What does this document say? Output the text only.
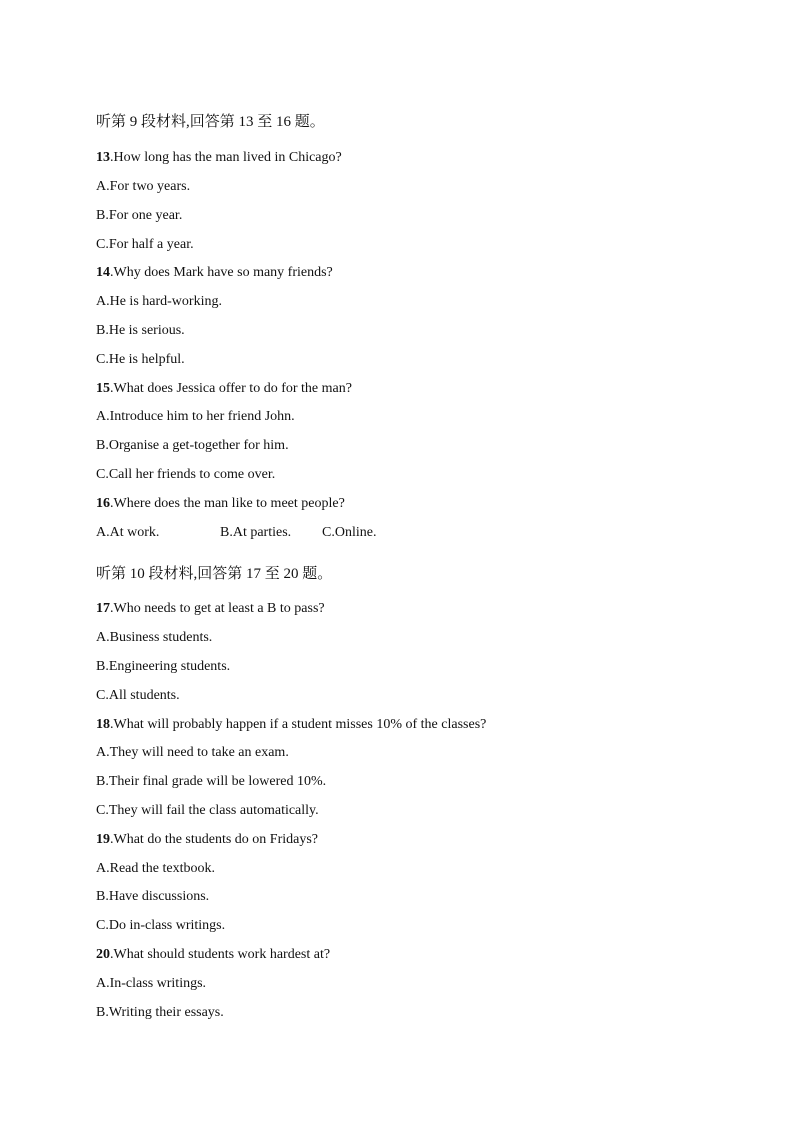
听第 9 段材料,回答第 13 至 16 题。
13.How long has the man lived in Chicago?
A.For two years.
B.For one year.
C.For half a year.
14.Why does Mark have so many friends?
A.He is hard-working.
B.He is serious.
C.He is helpful.
15.What does Jessica offer to do for the man?
A.Introduce him to her friend John.
B.Organise a get-together for him.
C.Call her friends to come over.
16.Where does the man like to meet people?
A.At work.	B.At parties. C.Online.
听第 10 段材料,回答第 17 至 20 题。
17.Who needs to get at least a B to pass?
A.Business students.
B.Engineering students.
C.All students.
18.What will probably happen if a student misses 10% of the classes?
A.They will need to take an exam.
B.Their final grade will be lowered 10%.
C.They will fail the class automatically.
19.What do the students do on Fridays?
A.Read the textbook.
B.Have discussions.
C.Do in-class writings.
20.What should students work hardest at?
A.In-class writings.
B.Writing their essays.
